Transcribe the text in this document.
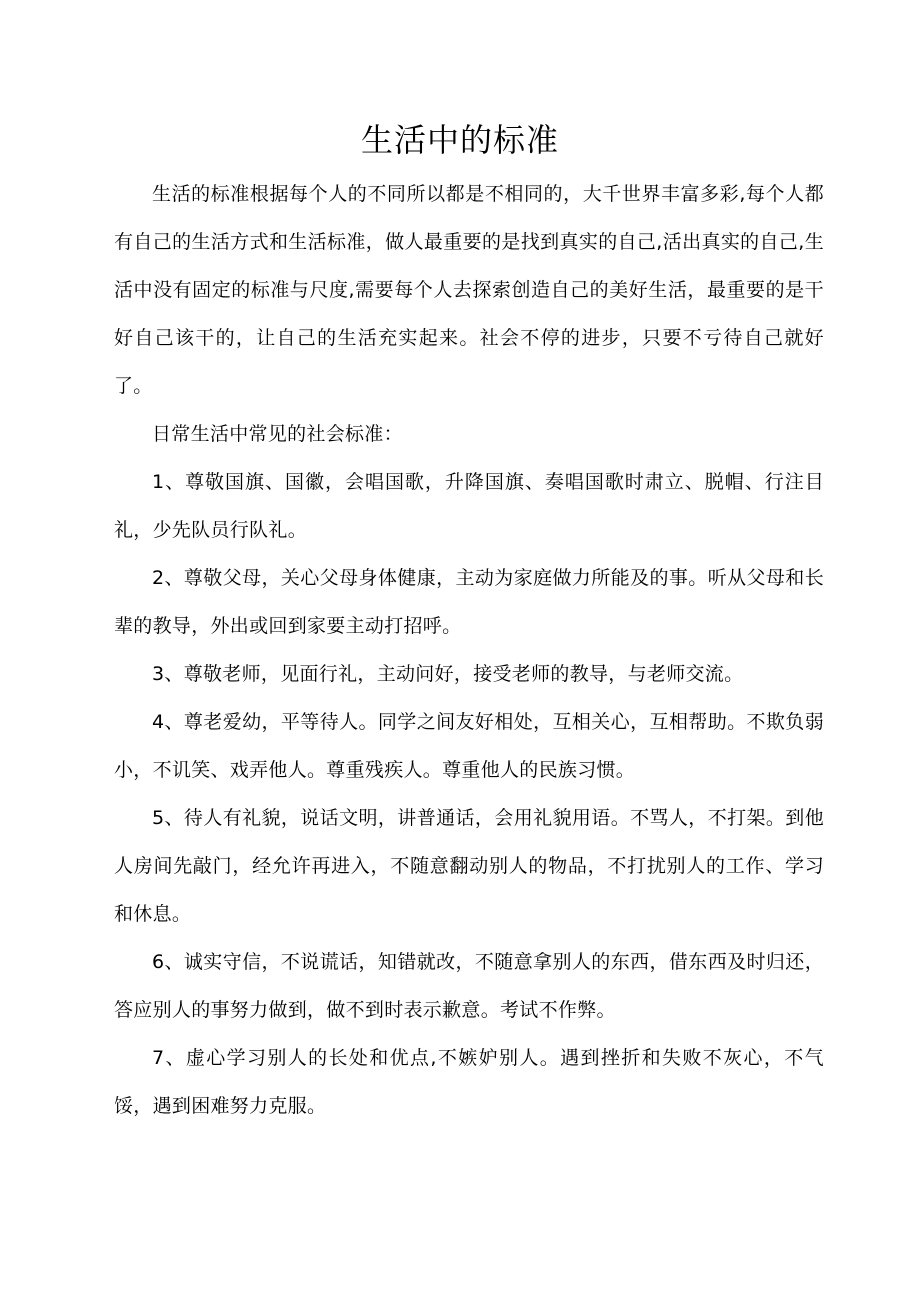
生活中的标准

生活的标准根据每个人的不同所以都是不相同的，大千世界丰富多彩,每个人都有自己的生活方式和生活标准，做人最重要的是找到真实的自己,活出真实的自己,生活中没有固定的标准与尺度,需要每个人去探索创造自己的美好生活，最重要的是干好自己该干的，让自己的生活充实起来。社会不停的进步，只要不亏待自己就好了。

日常生活中常见的社会标准：

1、尊敬国旗、国徽，会唱国歌，升降国旗、奏唱国歌时肃立、脱帽、行注目礼，少先队员行队礼。

2、尊敬父母，关心父母身体健康，主动为家庭做力所能及的事。听从父母和长辈的教导，外出或回到家要主动打招呼。

3、尊敬老师，见面行礼，主动问好，接受老师的教导，与老师交流。

4、尊老爱幼，平等待人。同学之间友好相处，互相关心，互相帮助。不欺负弱小，不讥笑、戏弄他人。尊重残疾人。尊重他人的民族习惯。

5、待人有礼貌，说话文明，讲普通话，会用礼貌用语。不骂人，不打架。到他人房间先敲门，经允许再进入，不随意翻动别人的物品，不打扰别人的工作、学习和休息。

6、诚实守信，不说谎话，知错就改，不随意拿别人的东西，借东西及时归还，答应别人的事努力做到，做不到时表示歉意。考试不作弊。

7、虚心学习别人的长处和优点,不嫉妒别人。遇到挫折和失败不灰心，不气馁，遇到困难努力克服。
